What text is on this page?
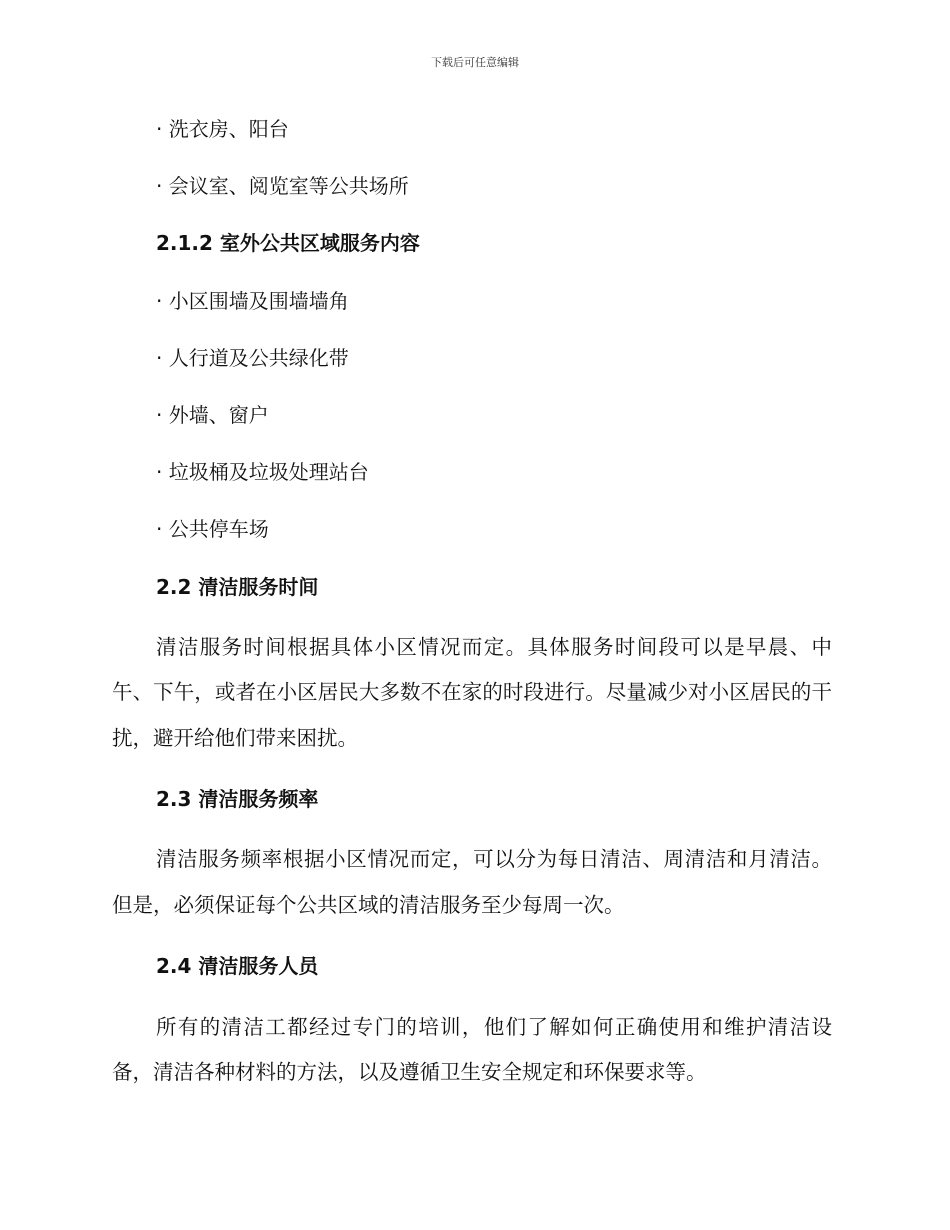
下载后可任意编辑

· 洗衣房、阳台

· 会议室、阅览室等公共场所

2.1.2 室外公共区域服务内容

· 小区围墙及围墙墙角

· 人行道及公共绿化带

· 外墙、窗户

· 垃圾桶及垃圾处理站台

· 公共停车场

2.2 清洁服务时间

清洁服务时间根据具体小区情况而定。具体服务时间段可以是早晨、中午、下午，或者在小区居民大多数不在家的时段进行。尽量减少对小区居民的干扰，避开给他们带来困扰。

2.3 清洁服务频率

清洁服务频率根据小区情况而定，可以分为每日清洁、周清洁和月清洁。但是，必须保证每个公共区域的清洁服务至少每周一次。

2.4 清洁服务人员

所有的清洁工都经过专门的培训，他们了解如何正确使用和维护清洁设备，清洁各种材料的方法，以及遵循卫生安全规定和环保要求等。
